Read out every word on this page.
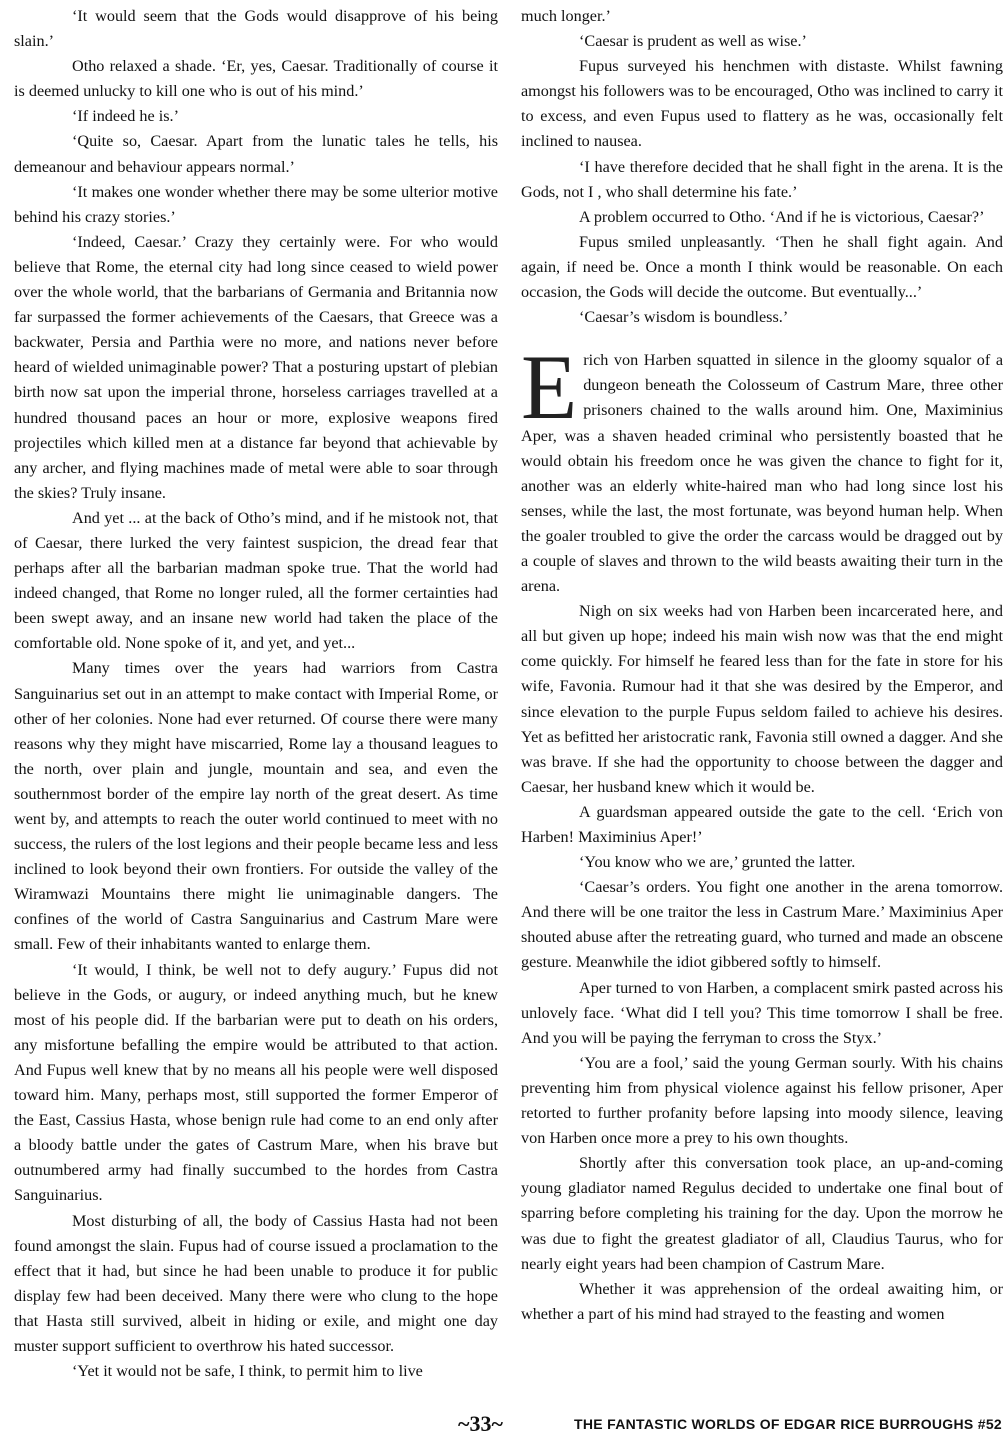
‘It would seem that the Gods would disapprove of his being slain.’

Otho relaxed a shade. ‘Er, yes, Caesar. Traditionally of course it is deemed unlucky to kill one who is out of his mind.’

‘If indeed he is.’

‘Quite so, Caesar. Apart from the lunatic tales he tells, his demeanour and behaviour appears normal.’

‘It makes one wonder whether there may be some ulterior motive behind his crazy stories.’

‘Indeed, Caesar.’ Crazy they certainly were. For who would believe that Rome, the eternal city had long since ceased to wield power over the whole world, that the barbarians of Germania and Britannia now far surpassed the former achievements of the Caesars, that Greece was a backwater, Persia and Parthia were no more, and nations never before heard of wielded unimaginable power? That a posturing upstart of plebian birth now sat upon the imperial throne, horseless carriages travelled at a hundred thousand paces an hour or more, explosive weapons fired projectiles which killed men at a distance far beyond that achievable by any archer, and flying machines made of metal were able to soar through the skies? Truly insane.

And yet ... at the back of Otho’s mind, and if he mistook not, that of Caesar, there lurked the very faintest suspicion, the dread fear that perhaps after all the barbarian madman spoke true. That the world had indeed changed, that Rome no longer ruled, all the former certainties had been swept away, and an insane new world had taken the place of the comfortable old. None spoke of it, and yet, and yet...

Many times over the years had warriors from Castra Sanguinarius set out in an attempt to make contact with Imperial Rome, or other of her colonies. None had ever returned. Of course there were many reasons why they might have miscarried, Rome lay a thousand leagues to the north, over plain and jungle, mountain and sea, and even the southernmost border of the empire lay north of the great desert. As time went by, and attempts to reach the outer world continued to meet with no success, the rulers of the lost legions and their people became less and less inclined to look beyond their own frontiers. For outside the valley of the Wiramwazi Mountains there might lie unimaginable dangers. The confines of the world of Castra Sanguinarius and Castrum Mare were small. Few of their inhabitants wanted to enlarge them.

‘It would, I think, be well not to defy augury.’ Fupus did not believe in the Gods, or augury, or indeed anything much, but he knew most of his people did. If the barbarian were put to death on his orders, any misfortune befalling the empire would be attributed to that action. And Fupus well knew that by no means all his people were well disposed toward him. Many, perhaps most, still supported the former Emperor of the East, Cassius Hasta, whose benign rule had come to an end only after a bloody battle under the gates of Castrum Mare, when his brave but outnumbered army had finally succumbed to the hordes from Castra Sanguinarius.

Most disturbing of all, the body of Cassius Hasta had not been found amongst the slain. Fupus had of course issued a proclamation to the effect that it had, but since he had been unable to produce it for public display few had been deceived. Many there were who clung to the hope that Hasta still survived, albeit in hiding or exile, and might one day muster support sufficient to overthrow his hated successor.

‘Yet it would not be safe, I think, to permit him to live

much longer.’

‘Caesar is prudent as well as wise.’

Fupus surveyed his henchmen with distaste. Whilst fawning amongst his followers was to be encouraged, Otho was inclined to carry it to excess, and even Fupus used to flattery as he was, occasionally felt inclined to nausea.

‘I have therefore decided that he shall fight in the arena. It is the Gods, not I , who shall determine his fate.’

A problem occurred to Otho. ‘And if he is victorious, Caesar?’

Fupus smiled unpleasantly. ‘Then he shall fight again. And again, if need be. Once a month I think would be reasonable. On each occasion, the Gods will decide the outcome. But eventually...’

‘Caesar’s wisdom is boundless.’

Erich von Harben squatted in silence in the gloomy squalor of a dungeon beneath the Colosseum of Castrum Mare, three other prisoners chained to the walls around him. One, Maximinius Aper, was a shaven headed criminal who persistently boasted that he would obtain his freedom once he was given the chance to fight for it, another was an elderly white-haired man who had long since lost his senses, while the last, the most fortunate, was beyond human help. When the goaler troubled to give the order the carcass would be dragged out by a couple of slaves and thrown to the wild beasts awaiting their turn in the arena.

Nigh on six weeks had von Harben been incarcerated here, and all but given up hope; indeed his main wish now was that the end might come quickly. For himself he feared less than for the fate in store for his wife, Favonia. Rumour had it that she was desired by the Emperor, and since elevation to the purple Fupus seldom failed to achieve his desires. Yet as befitted her aristocratic rank, Favonia still owned a dagger. And she was brave. If she had the opportunity to choose between the dagger and Caesar, her husband knew which it would be.

A guardsman appeared outside the gate to the cell. ‘Erich von Harben! Maximinius Aper!’

‘You know who we are,’ grunted the latter.

‘Caesar’s orders. You fight one another in the arena tomorrow. And there will be one traitor the less in Castrum Mare.’ Maximinius Aper shouted abuse after the retreating guard, who turned and made an obscene gesture. Meanwhile the idiot gibbered softly to himself.

Aper turned to von Harben, a complacent smirk pasted across his unlovely face. ‘What did I tell you? This time tomorrow I shall be free. And you will be paying the ferryman to cross the Styx.’

‘You are a fool,’ said the young German sourly. With his chains preventing him from physical violence against his fellow prisoner, Aper retorted to further profanity before lapsing into moody silence, leaving von Harben once more a prey to his own thoughts.

Shortly after this conversation took place, an up-and-coming young gladiator named Regulus decided to undertake one final bout of sparring before completing his training for the day. Upon the morrow he was due to fight the greatest gladiator of all, Claudius Taurus, who for nearly eight years had been champion of Castrum Mare.

Whether it was apprehension of the ordeal awaiting him, or whether a part of his mind had strayed to the feasting and women

~33~	THE FANTASTIC WORLDS OF EDGAR RICE BURROUGHS #52
